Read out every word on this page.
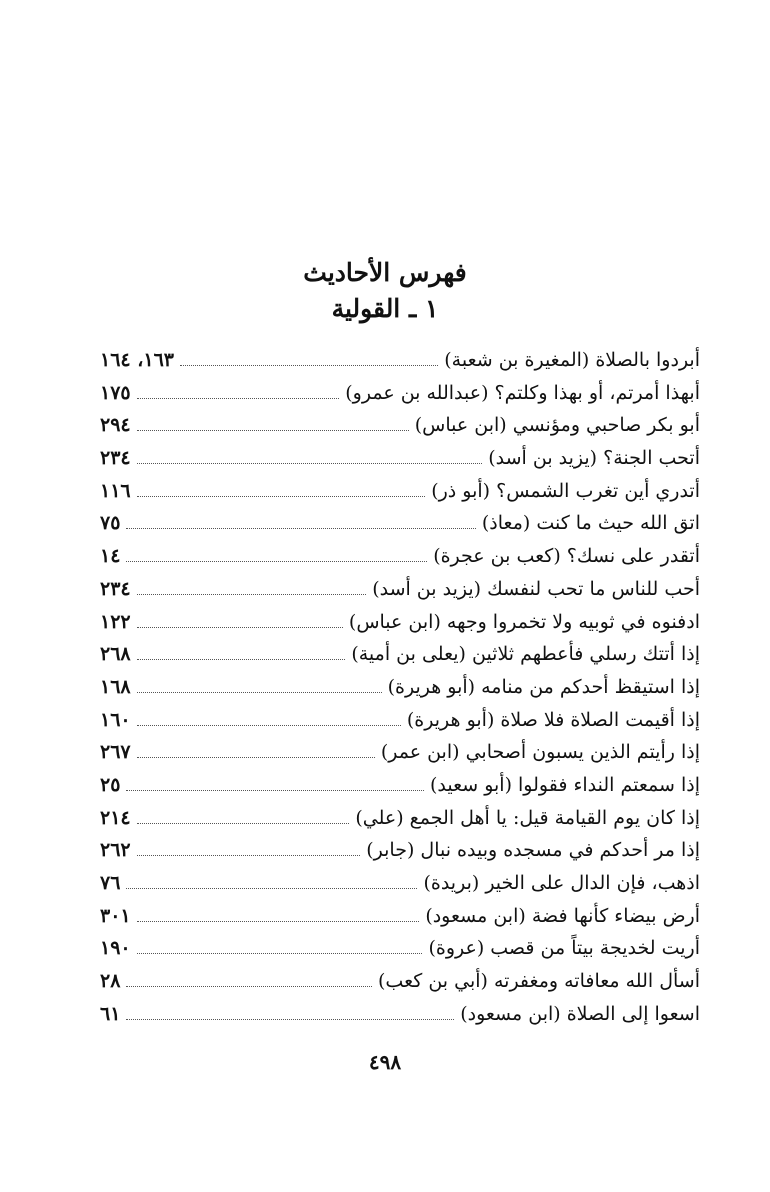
فهرس الأحاديث
١ ـ القولية
أبردوا بالصلاة (المغيرة بن شعبة)
١٦٣، ١٦٤
أبهذا أمرتم، أو بهذا وكلتم؟ (عبدالله بن عمرو)
١٧٥
أبو بكر صاحبي ومؤنسي (ابن عباس)
٢٩٤
أتحب الجنة؟ (يزيد بن أسد)
٢٣٤
أتدري أين تغرب الشمس؟ (أبو ذر)
١١٦
اتق الله حيث ما كنت (معاذ)
٧٥
أتقدر على نسك؟ (كعب بن عجرة)
١٤
أحب للناس ما تحب لنفسك (يزيد بن أسد)
٢٣٤
ادفنوه في ثوبيه ولا تخمروا وجهه (ابن عباس)
١٢٢
إذا أتتك رسلي فأعطهم ثلاثين (يعلى بن أمية)
٢٦٨
إذا استيقظ أحدكم من منامه (أبو هريرة)
١٦٨
إذا أقيمت الصلاة فلا صلاة (أبو هريرة)
١٦٠
إذا رأيتم الذين يسبون أصحابي (ابن عمر)
٢٦٧
إذا سمعتم النداء فقولوا (أبو سعيد)
٢٥
إذا كان يوم القيامة قيل: يا أهل الجمع (علي)
٢١٤
إذا مر أحدكم في مسجده وبيده نبال (جابر)
٢٦٢
اذهب، فإن الدال على الخير (بريدة)
٧٦
أرض بيضاء كأنها فضة (ابن مسعود)
٣٠١
أريت لخديجة بيتاً من قصب (عروة)
١٩٠
أسأل الله معافاته ومغفرته (أبي بن كعب)
٢٨
اسعوا إلى الصلاة (ابن مسعود)
٦١
٤٩٨
